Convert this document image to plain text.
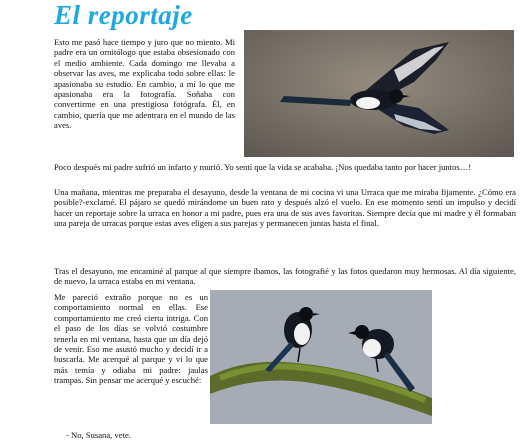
El reportaje

Esto me pasó hace tiempo y juro que no miento. Mi padre era un ornitólogo que estaba obsesionado con el medio ambiente. Cada domingo me llevaba a observar las aves, me explicaba todo sobre ellas: le apasionaba su estudio. En cambio, a mí lo que me apasionaba era la fotografía. Soñaba con convertirme en una prestigiosa fotógrafa. Él, en cambio, quería que me adentrara en el mundo de las aves.

Poco después mi padre sufrió un infarto y murió. Yo sentí que la vida se acababa. ¡Nos quedaba tanto por hacer juntos…!

Una mañana, mientras me preparaba el desayuno, desde la ventana de mi cocina vi una Urraca que me miraba fijamente. ¿Cómo era posible?-exclamé. El pájaro se quedó mirándome un buen rato y después alzó el vuelo. En ese momento sentí un impulso y decidí hacer un reportaje sobre la urraca en honor a mi padre, pues era una de sus aves favoritas. Siempre decía que mi madre y él formaban una pareja de urracas porque estas aves eligen a sus parejas y permanecen juntas hasta el final.

Tras el desayuno, me encaminé al parque al que siempre íbamos, las fotografié y las fotos quedaron muy hermosas. Al día siguiente, de nuevo, la urraca estaba en mi ventana.

Me pareció extraño porque no es un comportamiento normal en ellas. Ese comportamiento me creó cierta intriga. Con el paso de los días se volvió costumbre tenerla en mi ventana, hasta que un día dejó de venir. Eso me asustó mucho y decidí ir a buscarla. Me acerqué al parque y vi lo que más temía y odiaba mi padre: jaulas trampas. Sin pensar me acerqué y escuché:

- No, Susana, vete.
